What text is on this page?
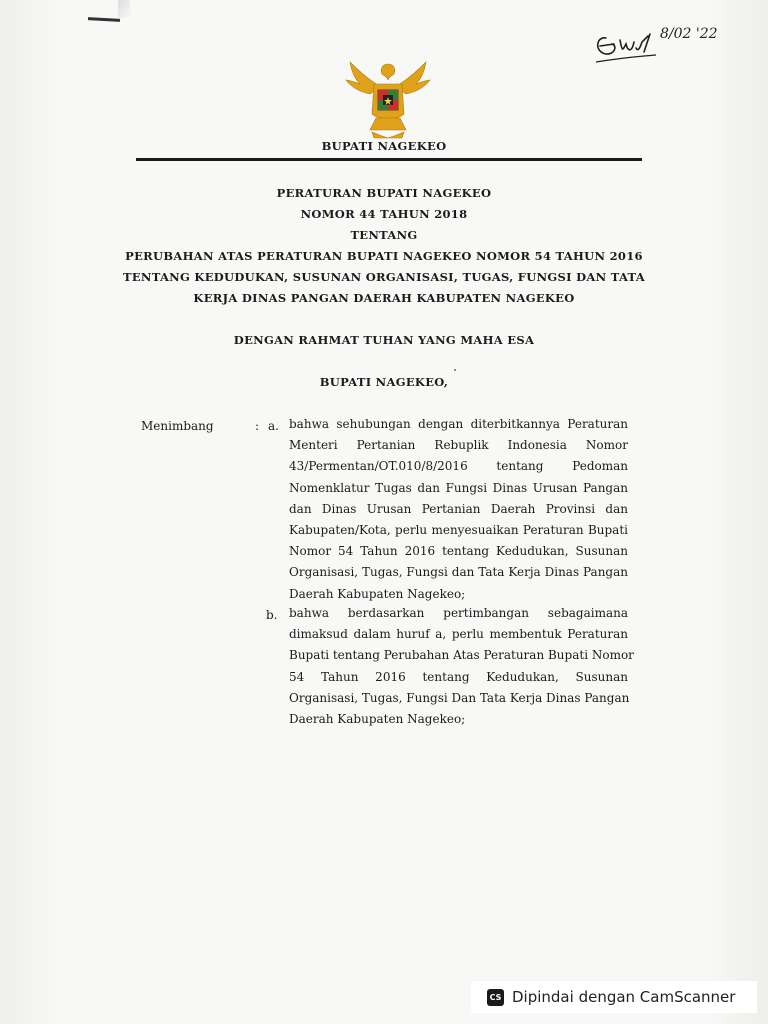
8/02 '22
BUPATI NAGEKEO
PERATURAN BUPATI NAGEKEO
NOMOR 44 TAHUN 2018
TENTANG
PERUBAHAN ATAS PERATURAN BUPATI NAGEKEO NOMOR 54 TAHUN 2016
TENTANG KEDUDUKAN, SUSUNAN ORGANISASI, TUGAS, FUNGSI DAN TATA
KERJA DINAS PANGAN DAERAH KABUPATEN NAGEKEO
DENGAN RAHMAT TUHAN YANG MAHA ESA
BUPATI NAGEKEO,
Menimbang	: a. bahwa sehubungan dengan diterbitkannya Peraturan
Menteri Pertanian Rebuplik Indonesia Nomor
43/Permentan/OT.010/8/2016 tentang Pedoman
Nomenklatur Tugas dan Fungsi Dinas Urusan Pangan
dan Dinas Urusan Pertanian Daerah Provinsi dan
Kabupaten/Kota, perlu menyesuaikan Peraturan Bupati
Nomor 54 Tahun 2016 tentang Kedudukan, Susunan
Organisasi, Tugas, Fungsi dan Tata Kerja Dinas Pangan
Daerah Kabupaten Nagekeo;
b. bahwa berdasarkan pertimbangan sebagaimana
dimaksud dalam huruf a, perlu membentuk Peraturan
Bupati tentang Perubahan Atas Peraturan Bupati Nomor
54 Tahun 2016 tentang Kedudukan, Susunan
Organisasi, Tugas, Fungsi Dan Tata Kerja Dinas Pangan
Daerah Kabupaten Nagekeo;
CS Dipindai dengan CamScanner
